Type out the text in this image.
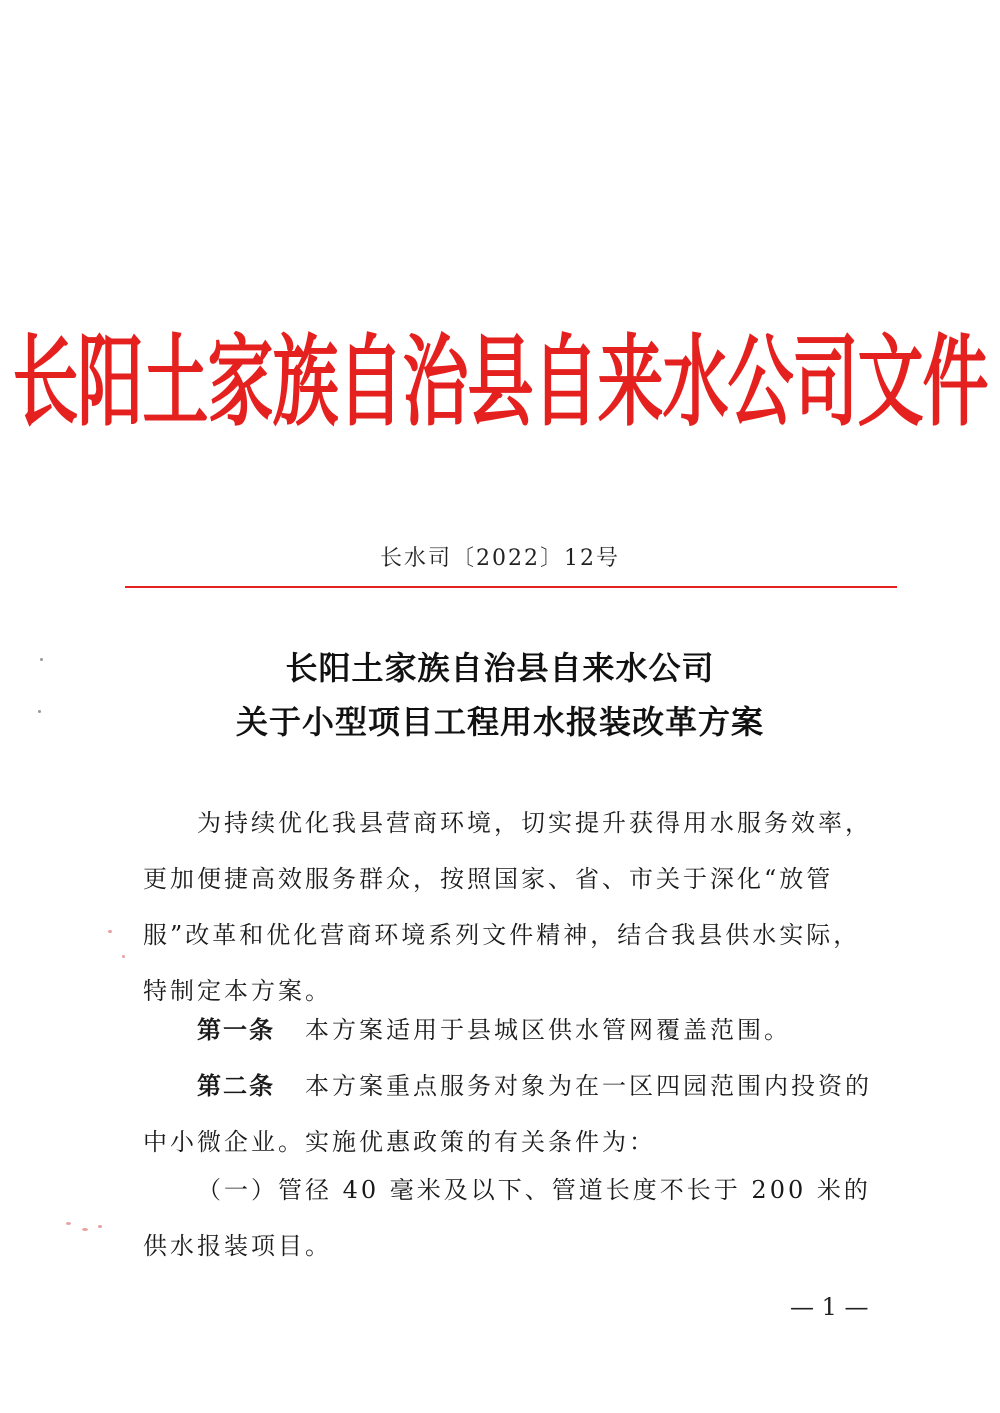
长阳土家族自治县自来水公司文件
长水司〔2022〕12号
长阳土家族自治县自来水公司
关于小型项目工程用水报装改革方案
为持续优化我县营商环境，切实提升获得用水服务效率，更加便捷高效服务群众，按照国家、省、市关于深化“放管服”改革和优化营商环境系列文件精神，结合我县供水实际，特制定本方案。
第一条 本方案适用于县城区供水管网覆盖范围。
第二条 本方案重点服务对象为在一区四园范围内投资的中小微企业。实施优惠政策的有关条件为：
（一）管径 40 毫米及以下、管道长度不长于 200 米的供水报装项目。
— 1 —
